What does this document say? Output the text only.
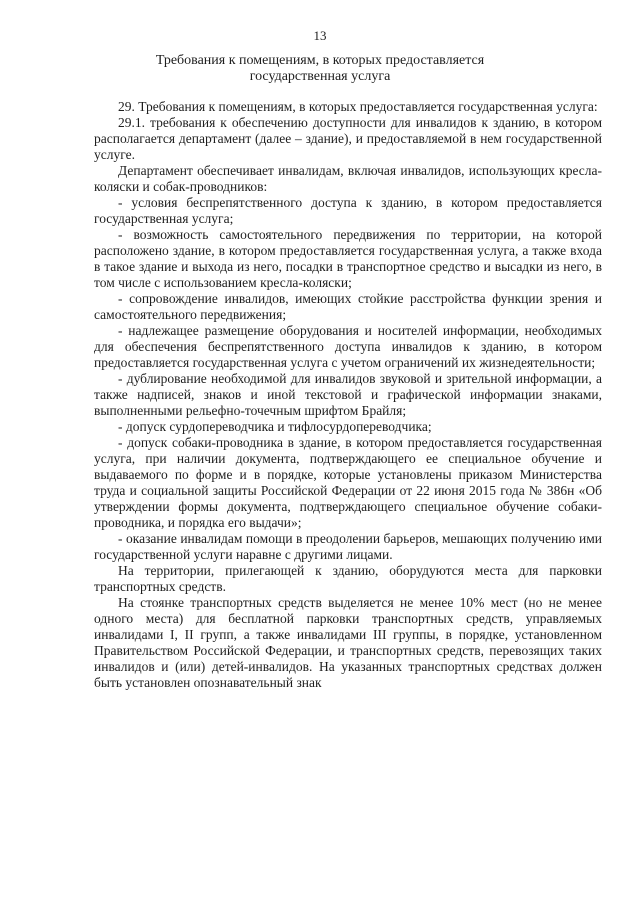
13
Требования к помещениям, в которых предоставляется
государственная услуга

29. Требования к помещениям, в которых предоставляется государственная услуга:

29.1. требования к обеспечению доступности для инвалидов к зданию, в котором располагается департамент (далее – здание), и предоставляемой в нем государственной услуге.

Департамент обеспечивает инвалидам, включая инвалидов, использующих кресла-коляски и собак-проводников:

- условия беспрепятственного доступа к зданию, в котором предоставляется государственная услуга;

- возможность самостоятельного передвижения по территории, на которой расположено здание, в котором предоставляется государственная услуга, а также входа в такое здание и выхода из него, посадки в транспортное средство и высадки из него, в том числе с использованием кресла-коляски;

- сопровождение инвалидов, имеющих стойкие расстройства функции зрения и самостоятельного передвижения;

- надлежащее размещение оборудования и носителей информации, необходимых для обеспечения беспрепятственного доступа инвалидов к зданию, в котором предоставляется государственная услуга с учетом ограничений их жизнедеятельности;

- дублирование необходимой для инвалидов звуковой и зрительной информации, а также надписей, знаков и иной текстовой и графической информации знаками, выполненными рельефно-точечным шрифтом Брайля;

- допуск сурдопереводчика и тифлосурдопереводчика;

- допуск собаки-проводника в здание, в котором предоставляется государственная услуга, при наличии документа, подтверждающего ее специальное обучение и выдаваемого по форме и в порядке, которые установлены приказом Министерства труда и социальной защиты Российской Федерации от 22 июня 2015 года № 386н «Об утверждении формы документа, подтверждающего специальное обучение собаки-проводника, и порядка его выдачи»;

- оказание инвалидам помощи в преодолении барьеров, мешающих получению ими государственной услуги наравне с другими лицами.

На территории, прилегающей к зданию, оборудуются места для парковки транспортных средств.

На стоянке транспортных средств выделяется не менее 10% мест (но не менее одного места) для бесплатной парковки транспортных средств, управляемых инвалидами I, II групп, а также инвалидами III группы, в порядке, установленном Правительством Российской Федерации, и транспортных средств, перевозящих таких инвалидов и (или) детей-инвалидов. На указанных транспортных средствах должен быть установлен опознавательный знак
